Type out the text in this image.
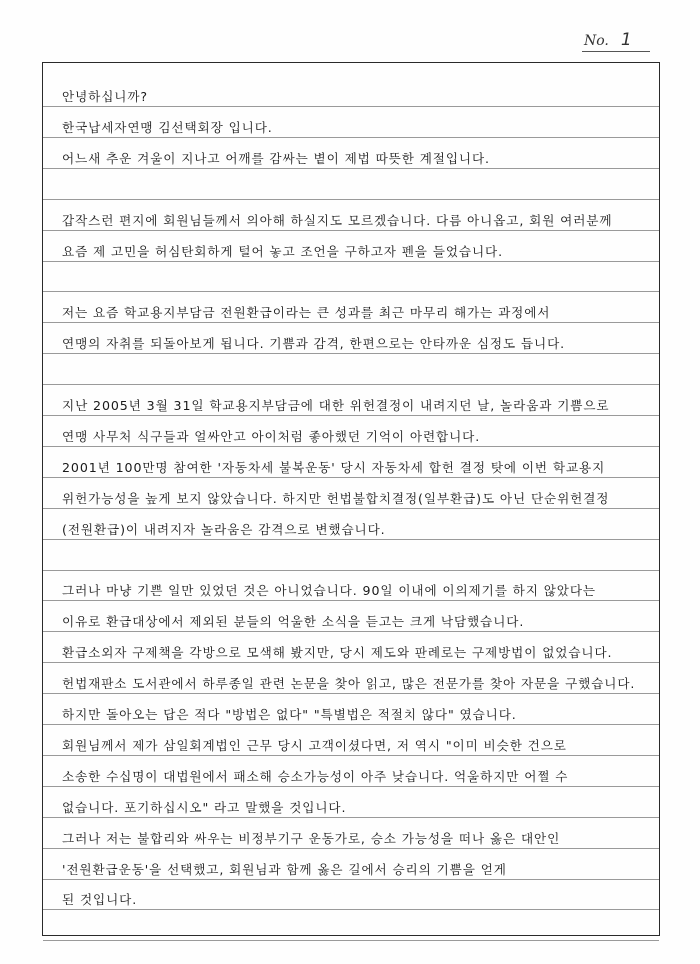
No. 1
안녕하십니까?
한국납세자연맹 김선택회장 입니다.
어느새 추운 겨울이 지나고 어깨를 감싸는 볕이 제법 따뜻한 계절입니다.
갑작스런 편지에 회원님들께서 의아해 하실지도 모르겠습니다. 다름 아니옵고, 회원 여러분께
요즘 제 고민을 허심탄회하게 털어 놓고 조언을 구하고자 펜을 들었습니다.
저는 요즘 학교용지부담금 전원환급이라는 큰 성과를 최근 마무리 해가는 과정에서
연맹의 자취를 되돌아보게 됩니다. 기쁨과 감격, 한편으로는 안타까운 심정도 듭니다.
지난 2005년 3월 31일 학교용지부담금에 대한 위헌결정이 내려지던 날, 놀라움과 기쁨으로
연맹 사무처 식구들과 얼싸안고 아이처럼 좋아했던 기억이 아련합니다.
2001년 100만명 참여한 '자동차세 불복운동' 당시 자동차세 합헌 결정 탓에 이번 학교용지
위헌가능성을 높게 보지 않았습니다. 하지만 헌법불합치결정(일부환급)도 아닌 단순위헌결정
(전원환급)이 내려지자 놀라움은 감격으로 변했습니다.
그러나 마냥 기쁜 일만 있었던 것은 아니었습니다. 90일 이내에 이의제기를 하지 않았다는
이유로 환급대상에서 제외된 분들의 억울한 소식을 듣고는 크게 낙담했습니다.
환급소외자 구제책을 각방으로 모색해 봤지만, 당시 제도와 판례로는 구제방법이 없었습니다.
헌법재판소 도서관에서 하루종일 관련 논문을 찾아 읽고, 많은 전문가를 찾아 자문을 구했습니다.
하지만 돌아오는 답은 적다 "방법은 없다" "특별법은 적절치 않다" 였습니다.
회원님께서 제가 삼일회계법인 근무 당시 고객이셨다면, 저 역시 "이미 비슷한 건으로
소송한 수십명이 대법원에서 패소해 승소가능성이 아주 낮습니다. 억울하지만 어쩔 수
없습니다. 포기하십시오" 라고 말했을 것입니다.
그러나 저는 불합리와 싸우는 비정부기구 운동가로, 승소 가능성을 떠나 옳은 대안인
'전원환급운동'을 선택했고, 회원님과 함께 옳은 길에서 승리의 기쁨을 얻게
된 것입니다.
